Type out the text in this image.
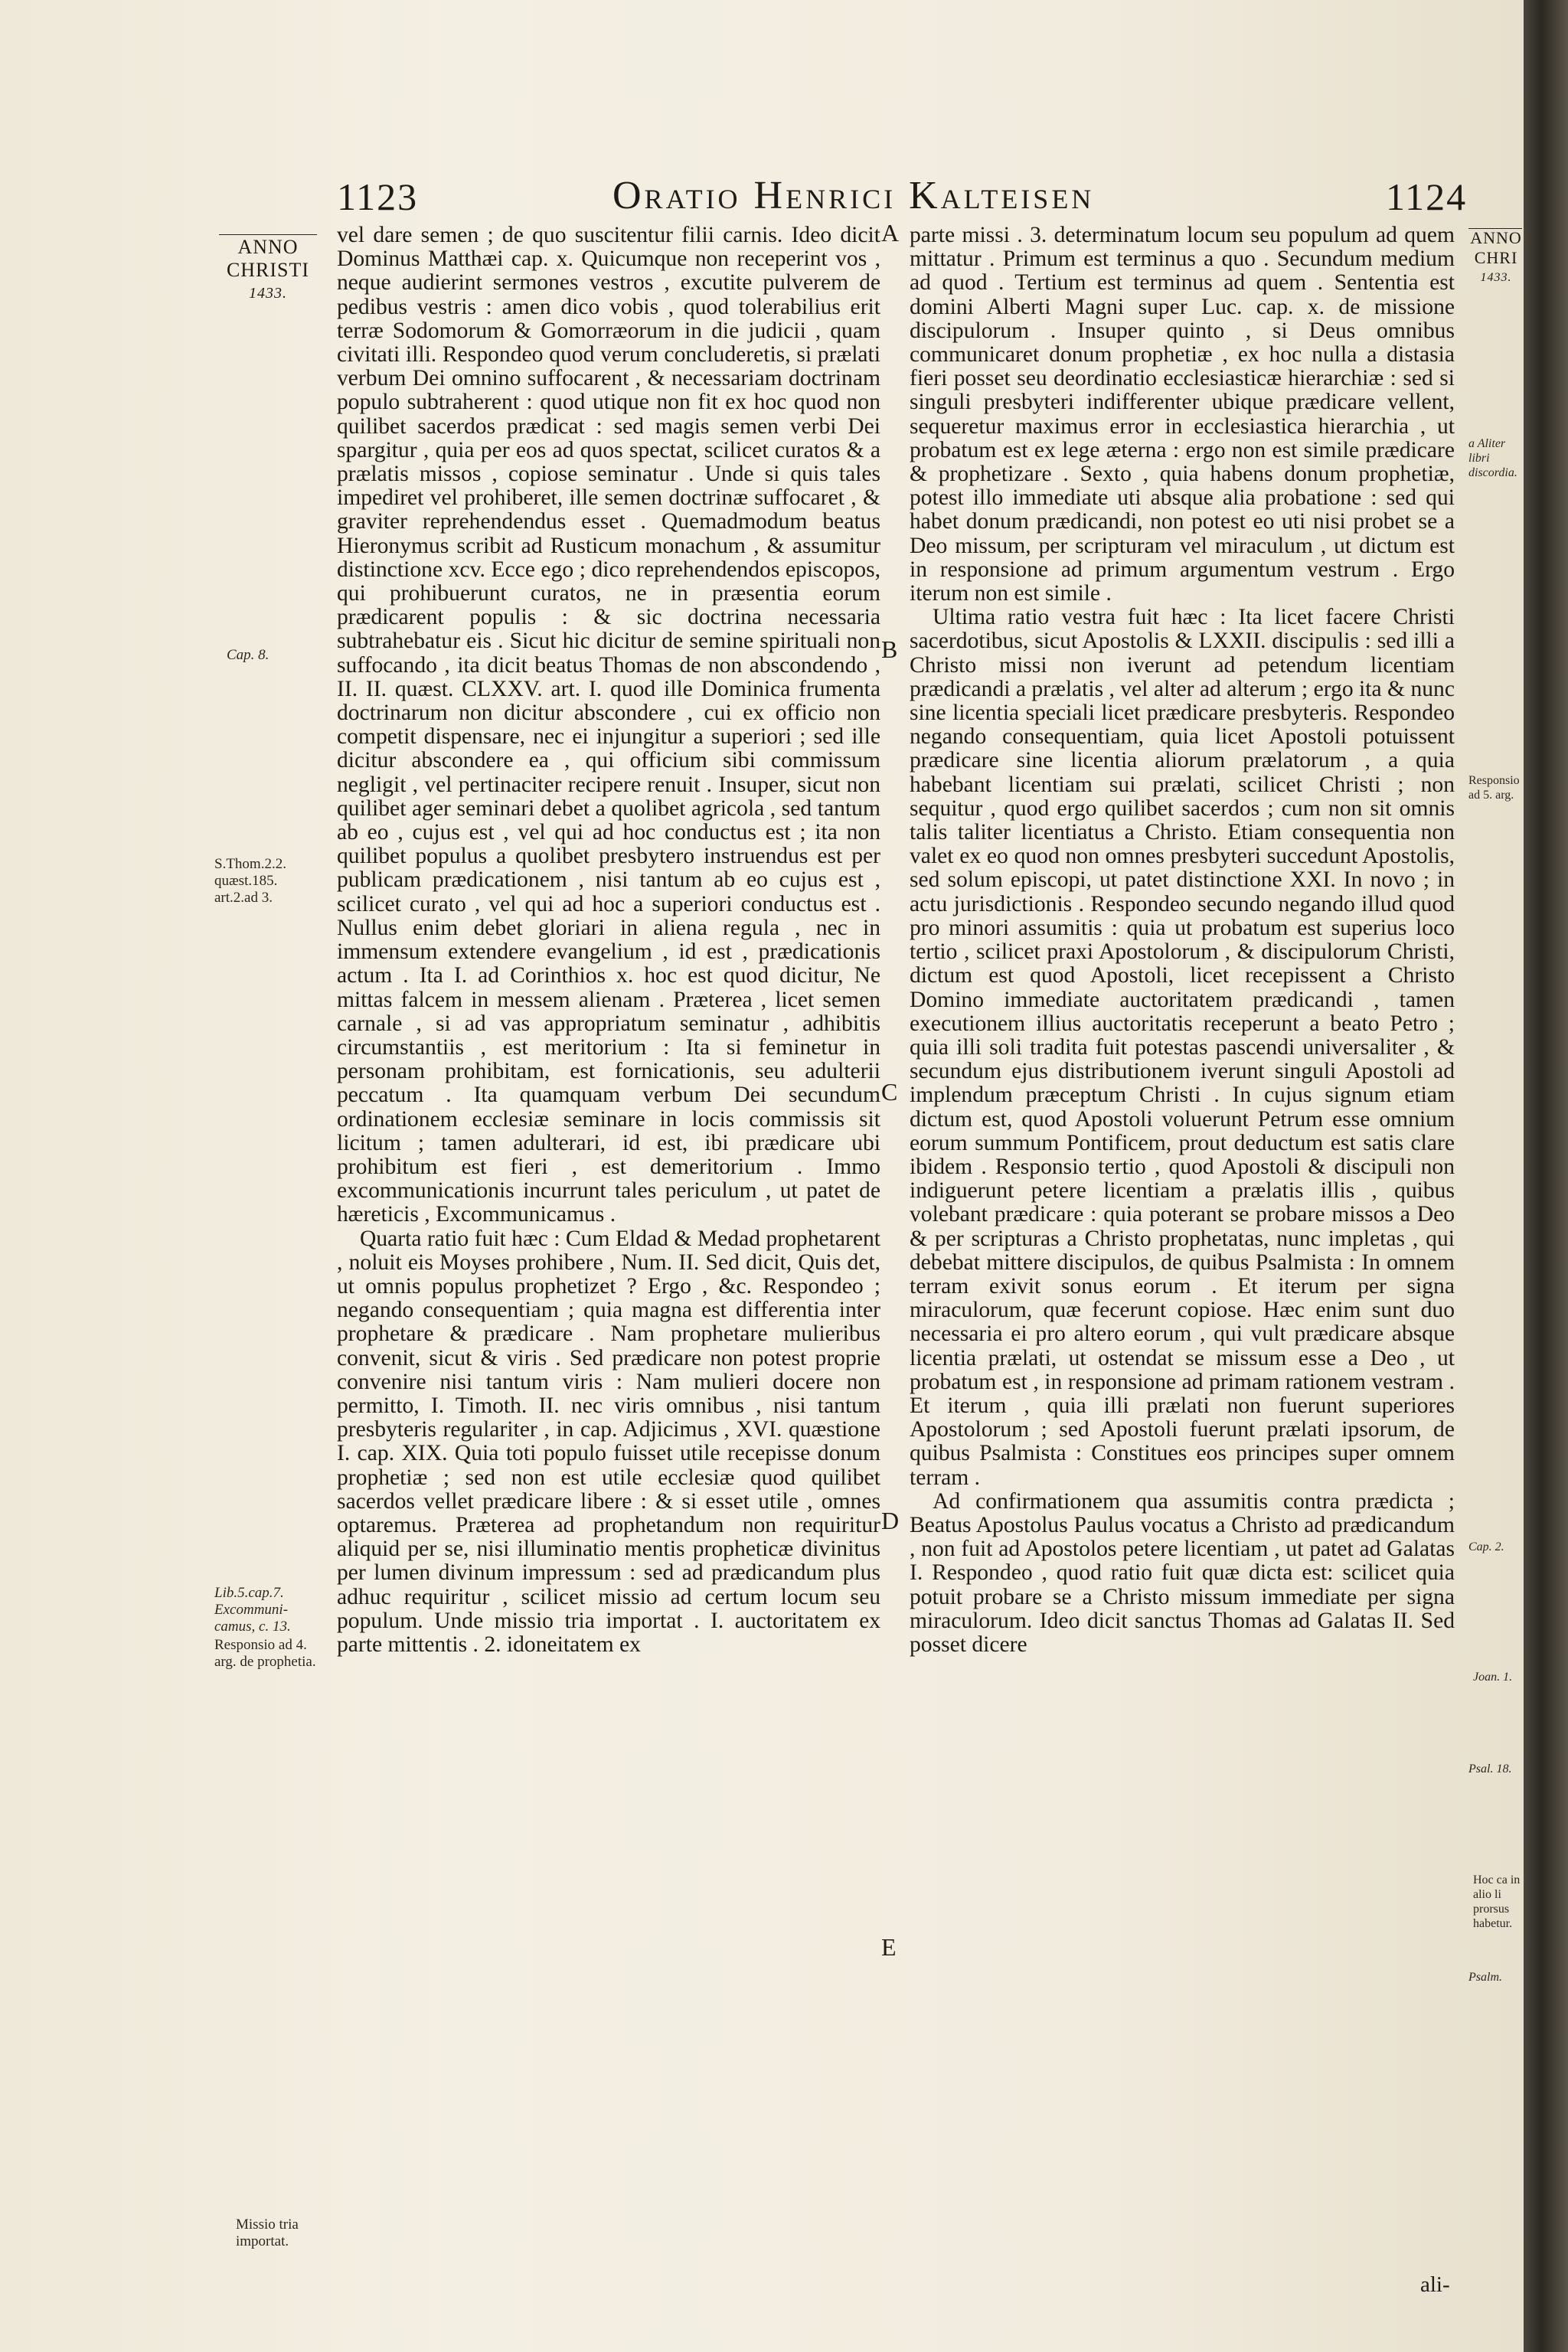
1123	Oratio Henrici Kalteisen	1124
ANNO
CHRISTI
1433.
Cap. 8.
S.Thom.2.2. quæst.185. art.2.ad 3.
Lib.5.cap.7. Excommuni-camus, c. 13.
Responsio ad 4. arg. de prophetia.
Missio tria importat.

vel dare semen ; de quo suscitentur filii carnis. Ideo dicit Dominus Matthæi cap. x. Quicumque non receperint vos , neque audierint sermones vestros , excutite pulverem de pedibus vestris : amen dico vobis , quod tolerabilius erit terræ Sodomorum & Gomorræorum in die judicii , quam civitati illi. Respondeo quod verum concluderetis, si prælati verbum Dei omnino suffocarent , & necessariam doctrinam populo subtraherent : quod utique non fit ex hoc quod non quilibet sacerdos prædicat : sed magis semen verbi Dei spargitur , quia per eos ad quos spectat, scilicet curatos & a prælatis missos , copiose seminatur . Unde si quis tales impediret vel prohiberet, ille semen doctrinæ suffocaret , & graviter reprehendendus esset . Quemadmodum beatus Hieronymus scribit ad Rusticum monachum , & assumitur distinctione xcv. Ecce ego ; dico reprehendendos episcopos, qui prohibuerunt curatos, ne in præsentia eorum prædicarent populis : & sic doctrina necessaria subtrahebatur eis . Sicut hic dicitur de semine spirituali non suffocando , ita dicit beatus Thomas de non abscondendo , II. II. quæst. CLXXV. art. I. quod ille Dominica frumenta doctrinarum non dicitur abscondere , cui ex officio non competit dispensare, nec ei injungitur a superiori ; sed ille dicitur abscondere ea , qui officium sibi commissum negligit , vel pertinaciter recipere renuit . Insuper, sicut non quilibet ager seminari debet a quolibet agricola , sed tantum ab eo , cujus est , vel qui ad hoc conductus est ; ita non quilibet populus a quolibet presbytero instruendus est per publicam prædicationem , nisi tantum ab eo cujus est , scilicet curato , vel qui ad hoc a superiori conductus est . Nullus enim debet gloriari in aliena regula , nec in immensum extendere evangelium , id est , prædicationis actum . Ita I. ad Corinthios x. hoc est quod dicitur, Ne mittas falcem in messem alienam . Præterea , licet semen carnale , si ad vas appropriatum seminatur , adhibitis circumstantiis , est meritorium : Ita si feminetur in personam prohibitam, est fornicationis, seu adulterii peccatum . Ita quamquam verbum Dei secundum ordinationem ecclesiæ seminare in locis commissis sit licitum ; tamen adulterari, id est, ibi prædicare ubi prohibitum est fieri , est demeritorium . Immo excommunicationis incurrunt tales periculum , ut patet de hæreticis , Excommunicamus .

Quarta ratio fuit hæc : Cum Eldad & Medad prophetarent , noluit eis Moyses prohibere , Num. II. Sed dicit, Quis det, ut omnis populus prophetizet ? Ergo , &c. Respondeo ; negando consequentiam ; quia magna est differentia inter prophetare & prædicare . Nam prophetare mulieribus convenit, sicut & viris . Sed prædicare non potest proprie convenire nisi tantum viris : Nam mulieri docere non permitto, I. Timoth. II. nec viris omnibus , nisi tantum presbyteris regulariter , in cap. Adjicimus , XVI. quæstione I. cap. XIX. Quia toti populo fuisset utile recepisse donum prophetiæ ; sed non est utile ecclesiæ quod quilibet sacerdos vellet prædicare libere : & si esset utile , omnes optaremus. Præterea ad prophetandum non requiritur aliquid per se, nisi illuminatio mentis propheticæ divinitus per lumen divinum impressum : sed ad prædicandum plus adhuc requiritur , scilicet missio ad certum locum seu populum. Unde missio tria importat . I. auctoritatem ex parte mittentis . 2. idoneitatem ex

A
B
C
D
E

parte missi . 3. determinatum locum seu populum ad quem mittatur . Primum est terminus a quo . Secundum medium ad quod . Tertium est terminus ad quem . Sententia est domini Alberti Magni super Luc. cap. x. de missione discipulorum . Insuper quinto , si Deus omnibus communicaret donum prophetiæ , ex hoc nulla a distasia fieri posset seu deordinatio ecclesiasticæ hierarchiæ : sed si singuli presbyteri indifferenter ubique prædicare vellent, sequeretur maximus error in ecclesiastica hierarchia , ut probatum est ex lege æterna : ergo non est simile prædicare & prophetizare . Sexto , quia habens donum prophetiæ, potest illo immediate uti absque alia probatione : sed qui habet donum prædicandi, non potest eo uti nisi probet se a Deo missum, per scripturam vel miraculum , ut dictum est in responsione ad primum argumentum vestrum . Ergo iterum non est simile .

Ultima ratio vestra fuit hæc : Ita licet facere Christi sacerdotibus, sicut Apostolis & LXXII. discipulis : sed illi a Christo missi non iverunt ad petendum licentiam prædicandi a prælatis , vel alter ad alterum ; ergo ita & nunc sine licentia speciali licet prædicare presbyteris. Respondeo negando consequentiam, quia licet Apostoli potuissent prædicare sine licentia aliorum prælatorum , a quia habebant licentiam sui prælati, scilicet Christi ; non sequitur , quod ergo quilibet sacerdos ; cum non sit omnis talis taliter licentiatus a Christo. Etiam consequentia non valet ex eo quod non omnes presbyteri succedunt Apostolis, sed solum episcopi, ut patet distinctione XXI. In novo ; in actu jurisdictionis . Respondeo secundo negando illud quod pro minori assumitis : quia ut probatum est superius loco tertio , scilicet praxi Apostolorum , & discipulorum Christi, dictum est quod Apostoli, licet recepissent a Christo Domino immediate auctoritatem prædicandi , tamen executionem illius auctoritatis receperunt a beato Petro ; quia illi soli tradita fuit potestas pascendi universaliter , & secundum ejus distributionem iverunt singuli Apostoli ad implendum præceptum Christi . In cujus signum etiam dictum est, quod Apostoli voluerunt Petrum esse omnium eorum summum Pontificem, prout deductum est satis clare ibidem . Responsio tertio , quod Apostoli & discipuli non indiguerunt petere licentiam a prælatis illis , quibus volebant prædicare : quia poterant se probare missos a Deo & per scripturas a Christo prophetatas, nunc impletas , qui debebat mittere discipulos, de quibus Psalmista : In omnem terram exivit sonus eorum . Et iterum per signa miraculorum, quæ fecerunt copiose. Hæc enim sunt duo necessaria ei pro altero eorum , qui vult prædicare absque licentia prælati, ut ostendat se missum esse a Deo , ut probatum est , in responsione ad primam rationem vestram . Et iterum , quia illi prælati non fuerunt superiores Apostolorum ; sed Apostoli fuerunt prælati ipsorum, de quibus Psalmista : Constitues eos principes super omnem terram .

Ad confirmationem qua assumitis contra prædicta ; Beatus Apostolus Paulus vocatus a Christo ad prædicandum , non fuit ad Apostolos petere licentiam , ut patet ad Galatas I. Respondeo , quod ratio fuit quæ dicta est: scilicet quia potuit probare se a Christo missum immediate per signa miraculorum. Ideo dicit sanctus Thomas ad Galatas II. Sed posset dicere

ali-
ANNO
CHRI
1433.
a Aliter libri discordia.
Responsio ad 5. arg.
Cap. 2.
Joan. 1.
Psal. 18.
Hoc ca in alio li prorsus habetur.
Psalm.
